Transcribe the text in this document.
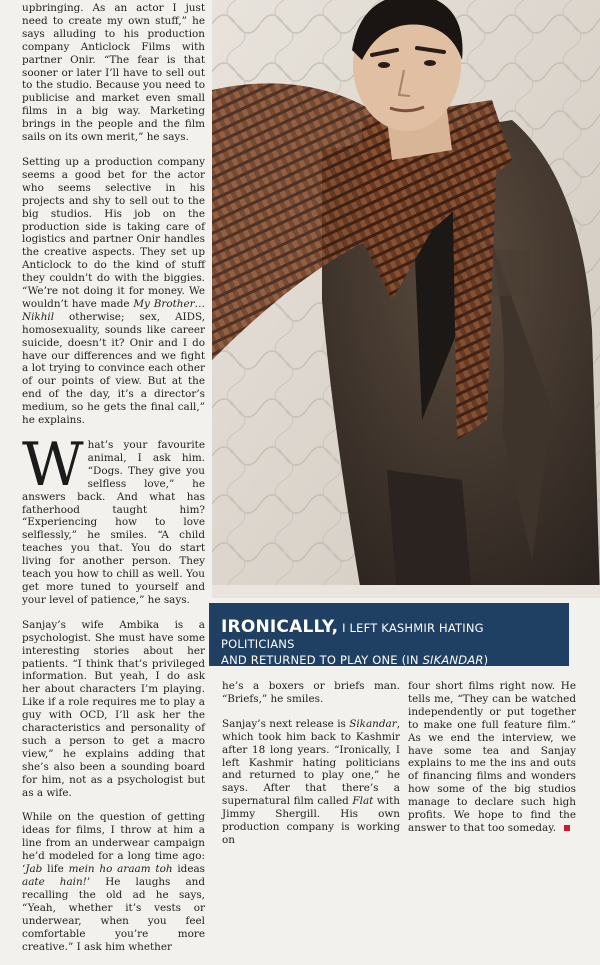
upbringing. As an actor I just need to create my own stuff,” he says alluding to his production company Anticlock Films with partner Onir. “The fear is that sooner or later I’ll have to sell out to the studio. Because you need to publicise and market even small films in a big way. Marketing brings in the people and the film sails on its own merit,” he says.

Setting up a production company seems a good bet for the actor who seems selective in his projects and shy to sell out to the big studios. His job on the production side is taking care of logistics and partner Onir handles the creative aspects. They set up Anticlock to do the kind of stuff they couldn’t do with the biggies. “We’re not doing it for money. We wouldn’t have made My Brother… Nikhil otherwise; sex, AIDS, homosexuality, sounds like career suicide, doesn’t it? Onir and I do have our differences and we fight a lot trying to convince each other of our points of view. But at the end of the day, it’s a director’s medium, so he gets the final call,” he explains.

What’s your favourite animal, I ask him. “Dogs. They give you selfless love,” he answers back. And what has fatherhood taught him? “Experiencing how to love selflessly,” he smiles. “A child teaches you that. You do start living for another person. They teach you how to chill as well. You get more tuned to yourself and your level of patience,” he says.

Sanjay’s wife Ambika is a psychologist. She must have some interesting stories about her patients. “I think that’s privileged information. But yeah, I do ask her about characters I’m playing. Like if a role requires me to play a guy with OCD, I’ll ask her the characteristics and personality of such a person to get a macro view,” he explains adding that she’s also been a sounding board for him, not as a psychologist but as a wife.

While on the question of getting ideas for films, I throw at him a line from an underwear campaign he’d modeled for a long time ago: ‘Jab life mein ho araam toh ideas aate hain!’ He laughs and recalling the old ad he says, “Yeah, whether it’s vests or underwear, when you feel comfortable you’re more creative.” I ask him whether

IRONICALLY, I LEFT KASHMIR HATING POLITICIANS
AND RETURNED TO PLAY ONE (IN SIKANDAR)

he’s a boxers or briefs man. “Briefs,” he smiles.

Sanjay’s next release is Sikandar, which took him back to Kashmir after 18 long years. “Ironically, I left Kashmir hating politicians and returned to play one,” he says. After that there’s a supernatural film called Flat with Jimmy Shergill. His own production company is working on

four short films right now. He tells me, “They can be watched independently or put together to make one full feature film.” As we end the interview, we have some tea and Sanjay explains to me the ins and outs of financing films and wonders how some of the big studios manage to declare such high profits. We hope to find the answer to that too someday.
